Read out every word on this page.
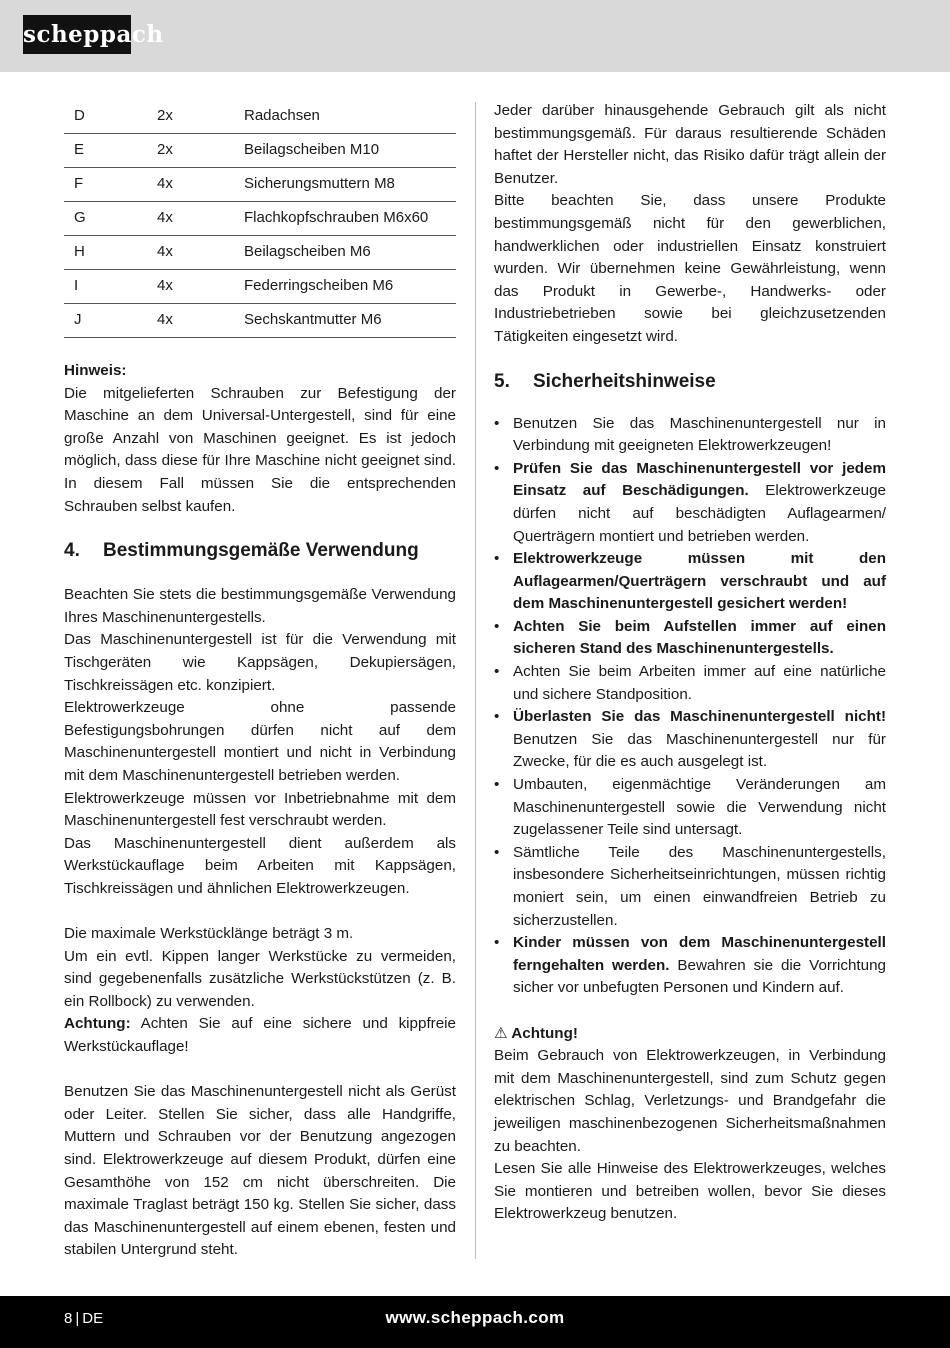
scheppach
D	2x	Radachsen
E	2x	Beilagscheiben M10
F	4x	Sicherungsmuttern M8
G	4x	Flachkopfschrauben M6x60
H	4x	Beilagscheiben M6
I	4x	Federringscheiben M6
J	4x	Sechskantmutter M6

Hinweis:

Die mitgelieferten Schrauben zur Befestigung der Maschine an dem Universal-Untergestell, sind für eine große Anzahl von Maschinen geeignet. Es ist jedoch möglich, dass diese für Ihre Maschine nicht geeignet sind. In diesem Fall müssen Sie die entsprechenden Schrauben selbst kaufen.

4. Bestimmungsgemäße Verwendung

Beachten Sie stets die bestimmungsgemäße Verwendung Ihres Maschinenuntergestells.

Das Maschinenuntergestell ist für die Verwendung mit Tischgeräten wie Kappsägen, Dekupiersägen, Tischkreissägen etc. konzipiert.

Elektrowerkzeuge ohne passende Befestigungsbohrungen dürfen nicht auf dem Maschinenuntergestell montiert und nicht in Verbindung mit dem Maschinenuntergestell betrieben werden.

Elektrowerkzeuge müssen vor Inbetriebnahme mit dem Maschinenuntergestell fest verschraubt werden.

Das Maschinenuntergestell dient außerdem als Werkstückauflage beim Arbeiten mit Kappsägen, Tischkreissägen und ähnlichen Elektrowerkzeugen.

Die maximale Werkstücklänge beträgt 3 m.

Um ein evtl. Kippen langer Werkstücke zu vermeiden, sind gegebenenfalls zusätzliche Werkstückstützen (z. B. ein Rollbock) zu verwenden.

Achtung: Achten Sie auf eine sichere und kippfreie Werkstückauflage!

Benutzen Sie das Maschinenuntergestell nicht als Gerüst oder Leiter. Stellen Sie sicher, dass alle Handgriffe, Muttern und Schrauben vor der Benutzung angezogen sind. Elektrowerkzeuge auf diesem Produkt, dürfen eine Gesamthöhe von 152 cm nicht überschreiten. Die maximale Traglast beträgt 150 kg. Stellen Sie sicher, dass das Maschinenuntergestell auf einem ebenen, festen und stabilen Untergrund steht.

Jeder darüber hinausgehende Gebrauch gilt als nicht bestimmungsgemäß. Für daraus resultierende Schäden haftet der Hersteller nicht, das Risiko dafür trägt allein der Benutzer.

Bitte beachten Sie, dass unsere Produkte bestimmungsgemäß nicht für den gewerblichen, handwerklichen oder industriellen Einsatz konstruiert wurden. Wir übernehmen keine Gewährleistung, wenn das Produkt in Gewerbe-, Handwerks- oder Industriebetrieben sowie bei gleichzusetzenden Tätigkeiten eingesetzt wird.

5. Sicherheitshinweise
• Benutzen Sie das Maschinenuntergestell nur in Verbindung mit geeigneten Elektrowerkzeugen!
• Prüfen Sie das Maschinenuntergestell vor jedem Einsatz auf Beschädigungen. Elektrowerkzeuge dürfen nicht auf beschädigten Auflagearmen/ Querträgern montiert und betrieben werden.
• Elektrowerkzeuge müssen mit den Auflagearmen/Querträgern verschraubt und auf dem Maschinenuntergestell gesichert werden!
• Achten Sie beim Aufstellen immer auf einen sicheren Stand des Maschinenuntergestells.
• Achten Sie beim Arbeiten immer auf eine natürliche und sichere Standposition.
• Überlasten Sie das Maschinenuntergestell nicht! Benutzen Sie das Maschinenuntergestell nur für Zwecke, für die es auch ausgelegt ist.
• Umbauten, eigenmächtige Veränderungen am Maschinenuntergestell sowie die Verwendung nicht zugelassener Teile sind untersagt.
• Sämtliche Teile des Maschinenuntergestells, insbesondere Sicherheitseinrichtungen, müssen richtig moniert sein, um einen einwandfreien Betrieb zu sicherzustellen.
• Kinder müssen von dem Maschinenuntergestell ferngehalten werden. Bewahren sie die Vorrichtung sicher vor unbefugten Personen und Kindern auf.

⚠ Achtung!

Beim Gebrauch von Elektrowerkzeugen, in Verbindung mit dem Maschinenuntergestell, sind zum Schutz gegen elektrischen Schlag, Verletzungs- und Brandgefahr die jeweiligen maschinenbezogenen Sicherheitsmaßnahmen zu beachten.

Lesen Sie alle Hinweise des Elektrowerkzeuges, welches Sie montieren und betreiben wollen, bevor Sie dieses Elektrowerkzeug benutzen.

8 | DE	www.scheppach.com
